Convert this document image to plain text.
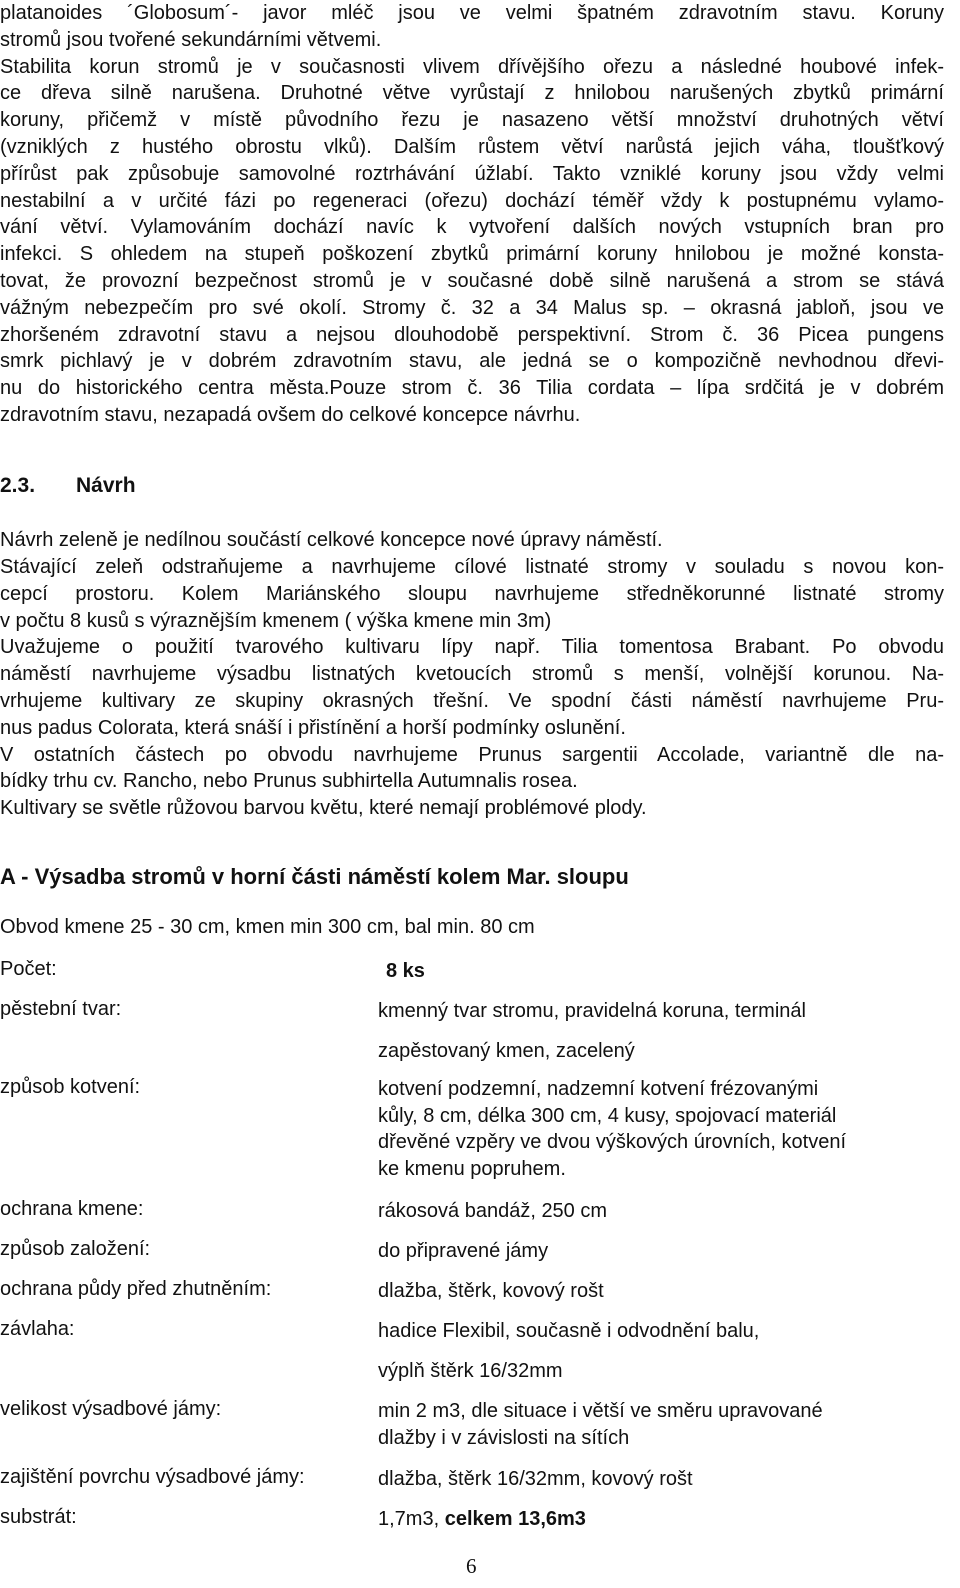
platanoides ´Globosum´- javor mléč jsou ve velmi špatném zdravotním stavu. Koruny
stromů jsou tvořené sekundárními větvemi.
Stabilita korun stromů je v současnosti vlivem dřívějšího ořezu a následné houbové infek-
ce dřeva silně narušena. Druhotné větve vyrůstají z hnilobou narušených zbytků primární
koruny, přičemž v místě původního řezu je nasazeno větší množství druhotných větví
(vzniklých z hustého obrostu vlků). Dalším růstem větví narůstá jejich váha, tloušťkový
přírůst pak způsobuje samovolné roztrhávání úžlabí. Takto vzniklé koruny jsou vždy velmi
nestabilní a v určité fázi po regeneraci (ořezu) dochází téměř vždy k postupnému vylamo-
vání větví. Vylamováním dochází navíc k vytvoření dalších nových vstupních bran pro
infekci. S ohledem na stupeň poškození zbytků primární koruny hnilobou je možné konsta-
tovat, že provozní bezpečnost stromů je v současné době silně narušená a strom se stává
vážným nebezpečím pro své okolí. Stromy č. 32 a 34 Malus sp. – okrasná jabloň, jsou ve
zhoršeném zdravotní stavu a nejsou dlouhodobě perspektivní. Strom č. 36 Picea pungens
smrk pichlavý je v dobrém zdravotním stavu, ale jedná se o kompozičně nevhodnou dřevi-
nu do historického centra města.Pouze strom č. 36 Tilia cordata – lípa srdčitá je v dobrém
zdravotním stavu, nezapadá ovšem do celkové koncepce návrhu.
2.3. Návrh
Návrh zeleně je nedílnou součástí celkové koncepce nové úpravy náměstí.
Stávající zeleň odstraňujeme a navrhujeme cílové listnaté stromy v souladu s novou kon-
cepcí prostoru. Kolem Mariánského sloupu navrhujeme středněkorunné listnaté stromy
v počtu 8 kusů s výraznějším kmenem ( výška kmene min 3m)
Uvažujeme o použití tvarového kultivaru lípy např. Tilia tomentosa Brabant. Po obvodu
náměstí navrhujeme výsadbu listnatých kvetoucích stromů s menší, volnější korunou. Na-
vrhujeme kultivary ze skupiny okrasných třešní. Ve spodní části náměstí navrhujeme Pru-
nus padus Colorata, která snáší i přistínění a horší podmínky oslunění.
V ostatních částech po obvodu navrhujeme Prunus sargentii Accolade, variantně dle na-
bídky trhu cv. Rancho, nebo Prunus subhirtella Autumnalis rosea.
Kultivary se světle růžovou barvou květu, které nemají problémové plody.
A - Výsadba stromů v horní části náměstí kolem Mar. sloupu
Obvod kmene 25 - 30 cm, kmen min 300 cm, bal min. 80 cm
Počet:	8 ks
pěstební tvar:	kmenný tvar stromu, pravidelná koruna, terminál
zapěstovaný kmen, zacelený
způsob kotvení:	kotvení podzemní, nadzemní kotvení frézovanými
kůly, 8 cm, délka 300 cm, 4 kusy, spojovací materiál
dřevěné vzpěry ve dvou výškových úrovních, kotvení
ke kmenu popruhem.
ochrana kmene:	rákosová bandáž, 250 cm
způsob založení:	do připravené jámy
ochrana půdy před zhutněním:	dlažba, štěrk, kovový rošt
závlaha:	hadice Flexibil, současně i odvodnění balu,
výplň štěrk 16/32mm
velikost výsadbové jámy:	min 2 m3, dle situace i větší ve směru upravované
dlažby i v závislosti na sítích
zajištění povrchu výsadbové jámy:	dlažba, štěrk 16/32mm, kovový rošt
substrát:	1,7m3, celkem 13,6m3
6
